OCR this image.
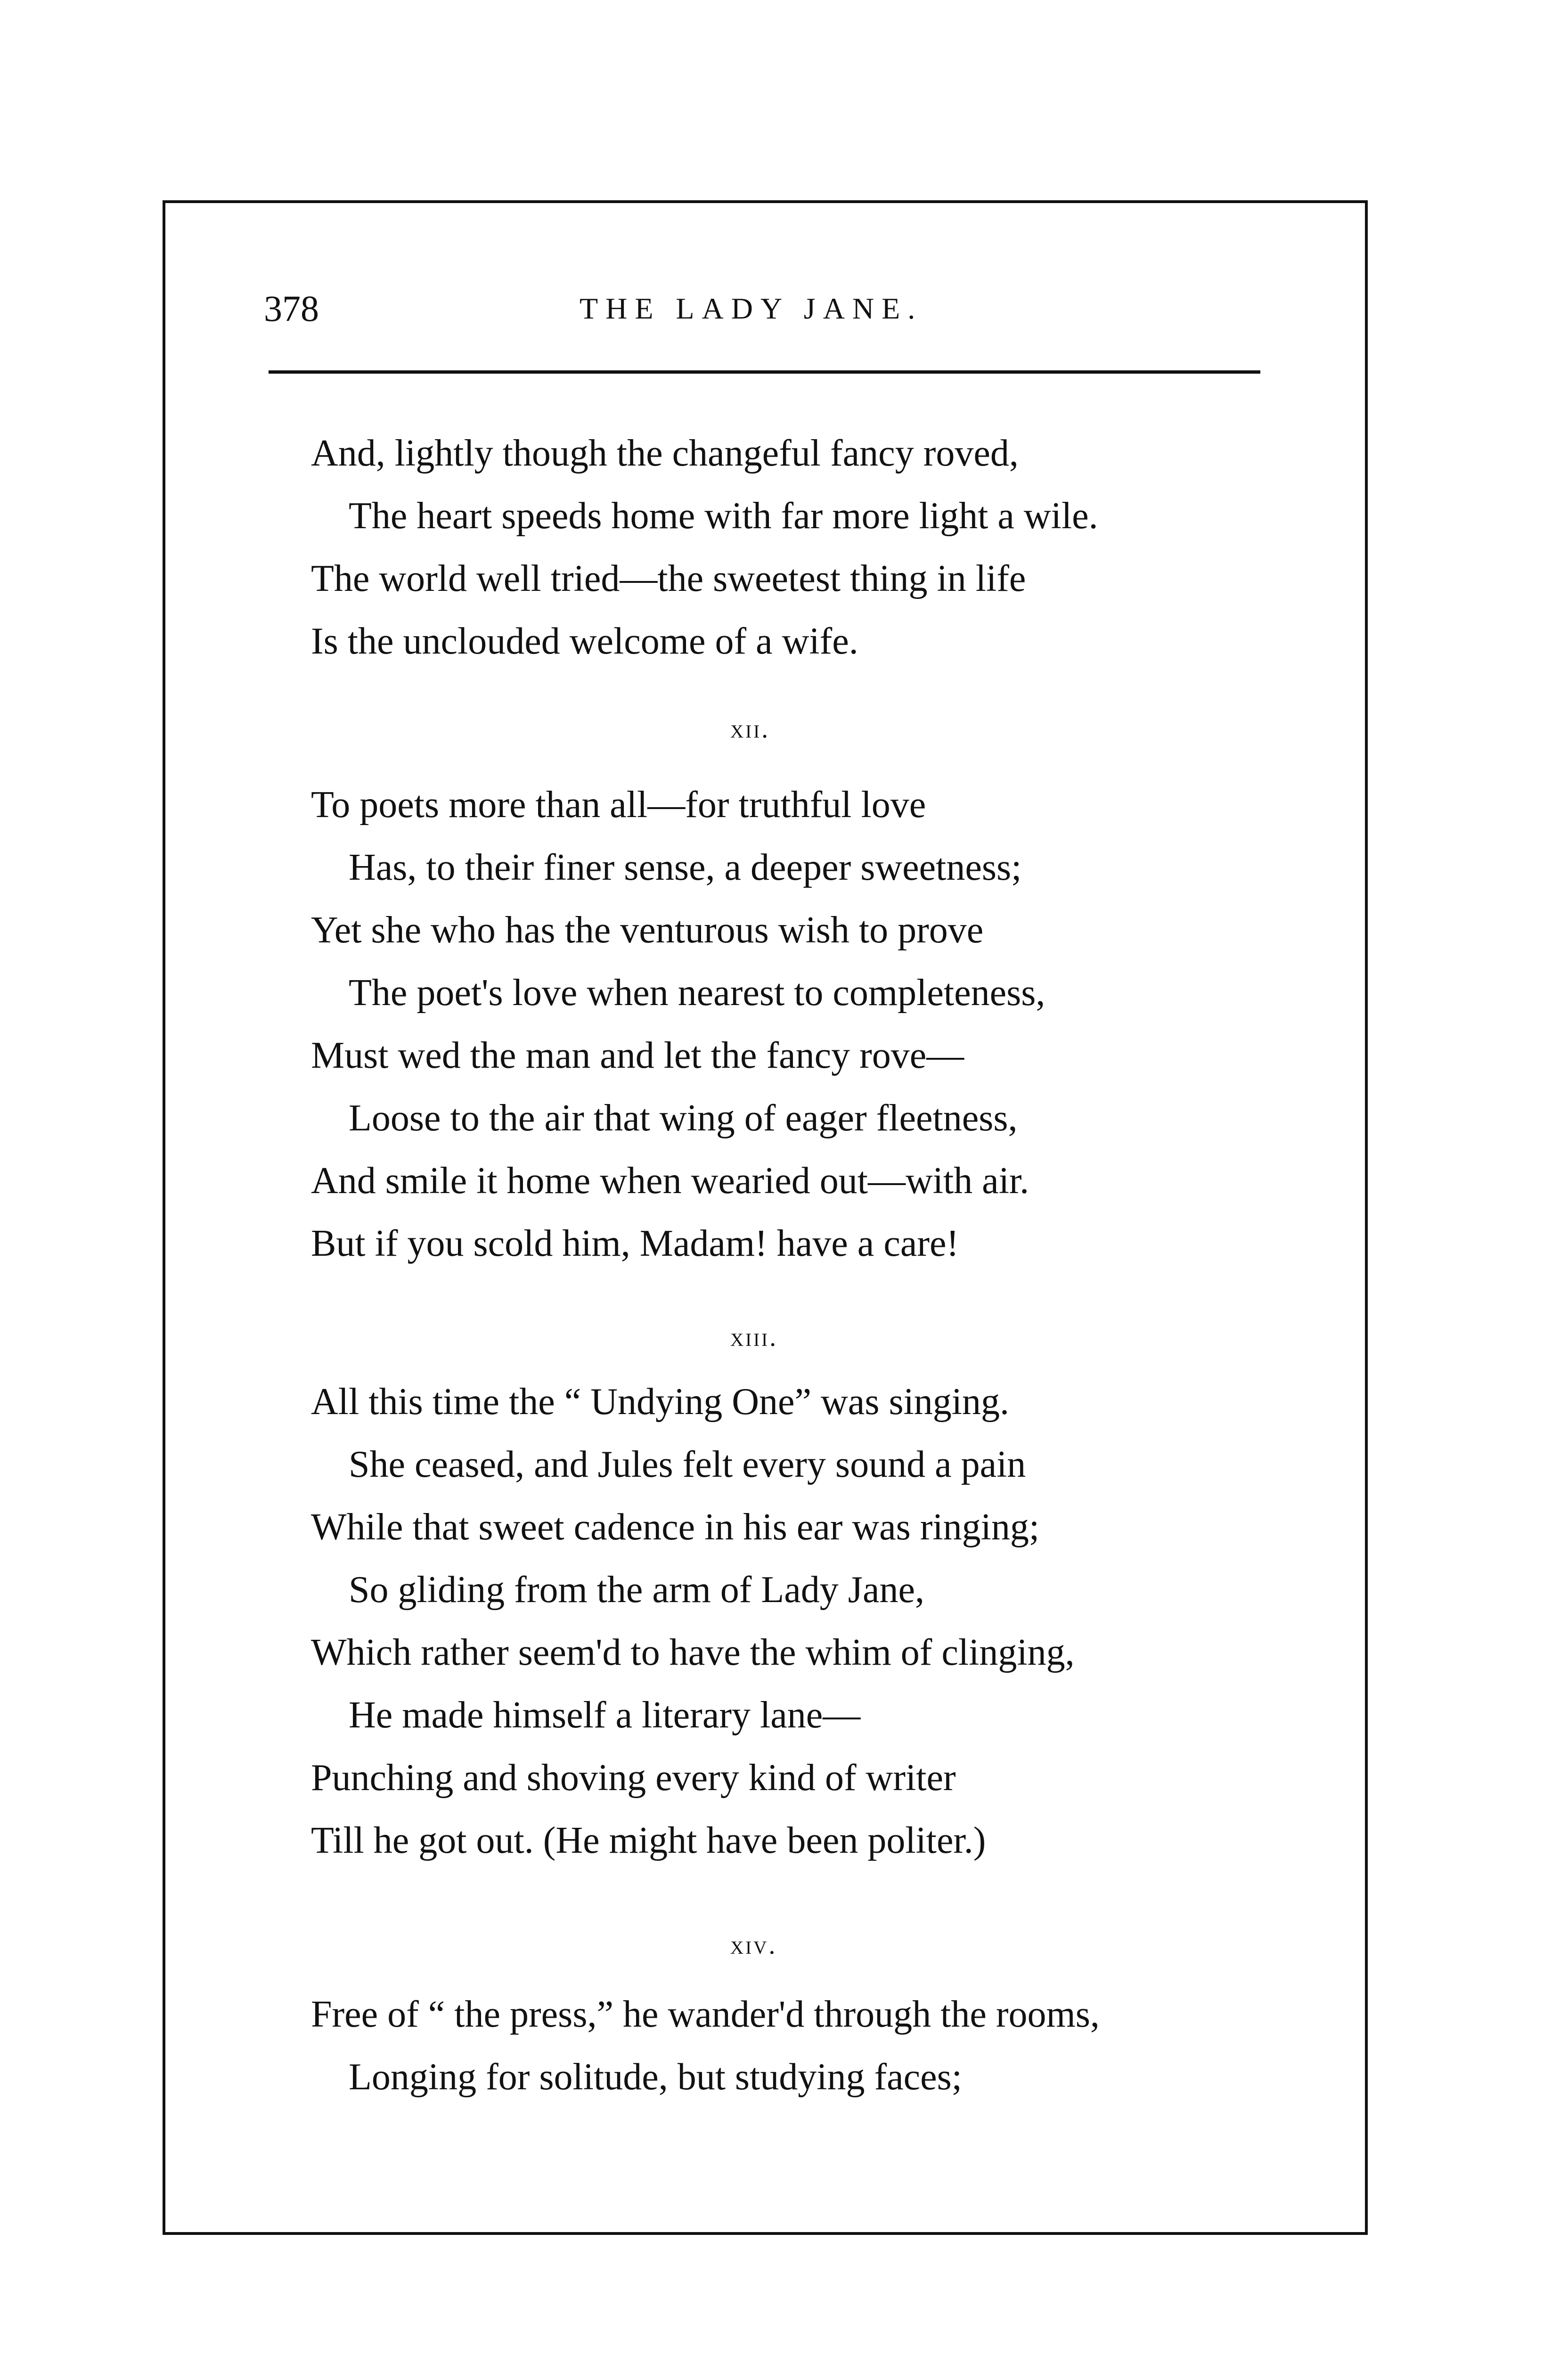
378	THE LADY JANE.
And, lightly though the changeful fancy roved,
The heart speeds home with far more light a wile.
The world well tried—the sweetest thing in life
Is the unclouded welcome of a wife.
xii.
To poets more than all—for truthful love
Has, to their finer sense, a deeper sweetness;
Yet she who has the venturous wish to prove
The poet's love when nearest to completeness,
Must wed the man and let the fancy rove—
Loose to the air that wing of eager fleetness,
And smile it home when wearied out—with air.
But if you scold him, Madam! have a care!
xiii.
All this time the “ Undying One” was singing.
She ceased, and Jules felt every sound a pain
While that sweet cadence in his ear was ringing;
So gliding from the arm of Lady Jane,
Which rather seem'd to have the whim of clinging,
He made himself a literary lane—
Punching and shoving every kind of writer
Till he got out. (He might have been politer.)
xiv.
Free of “ the press,” he wander'd through the rooms,
Longing for solitude, but studying faces;
